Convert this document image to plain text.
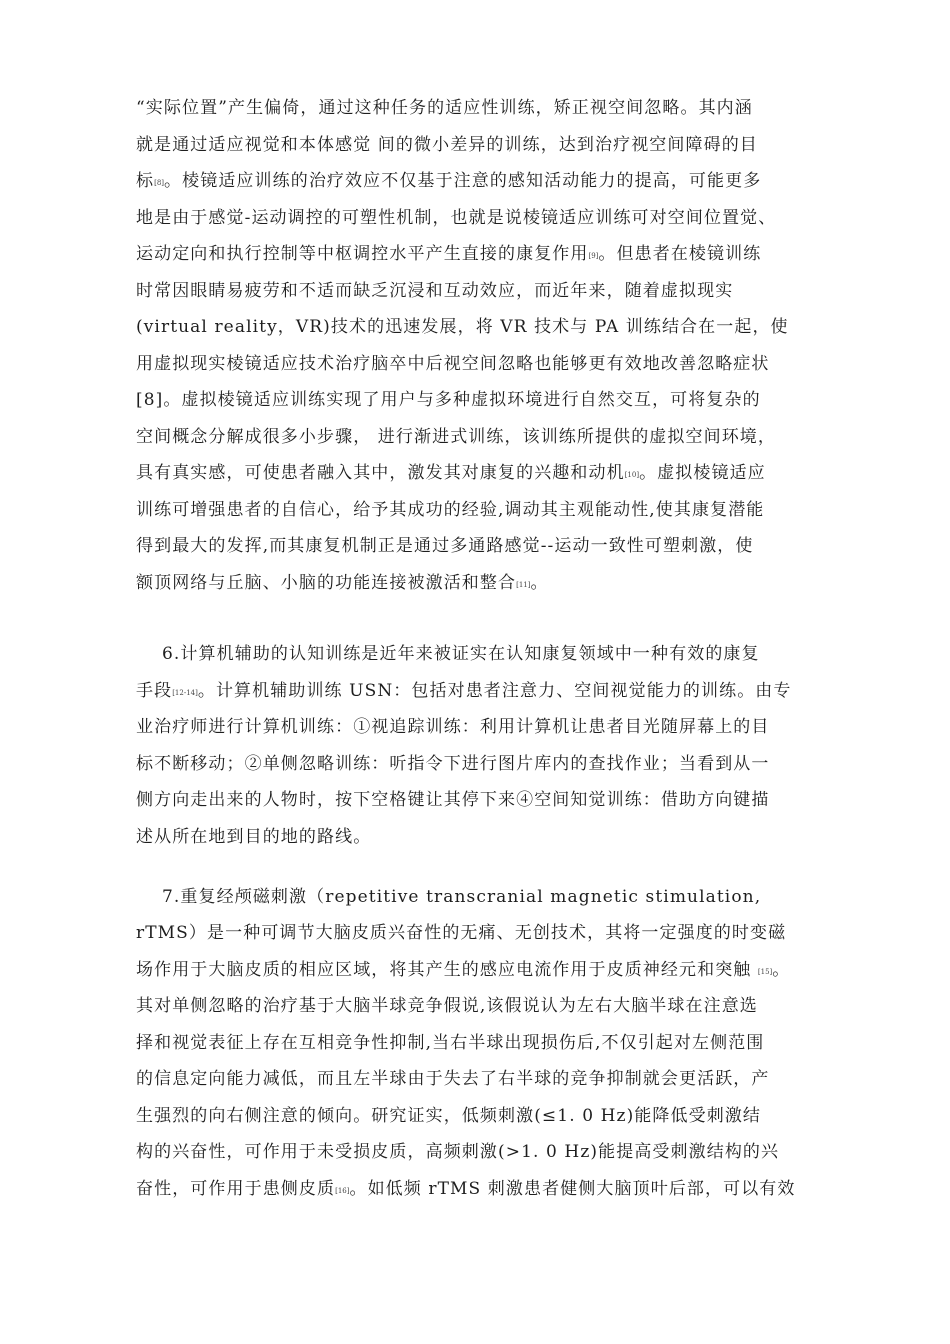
“实际位置”产生偏倚，通过这种任务的适应性训练，矫正视空间忽略。其内涵
就是通过适应视觉和本体感觉 间的微小差异的训练，达到治疗视空间障碍的目
标[8]。棱镜适应训练的治疗效应不仅基于注意的感知活动能力的提高，可能更多
地是由于感觉-运动调控的可塑性机制，也就是说棱镜适应训练可对空间位置觉、
运动定向和执行控制等中枢调控水平产生直接的康复作用[9]。但患者在棱镜训练
时常因眼睛易疲劳和不适而缺乏沉浸和互动效应，而近年来，随着虚拟现实
(virtual reality，VR)技术的迅速发展，将 VR 技术与 PA 训练结合在一起，使
用虚拟现实棱镜适应技术治疗脑卒中后视空间忽略也能够更有效地改善忽略症状
[8]。虚拟棱镜适应训练实现了用户与多种虚拟环境进行自然交互，可将复杂的
空间概念分解成很多小步骤， 进行渐进式训练，该训练所提供的虚拟空间环境，
具有真实感，可使患者融入其中，激发其对康复的兴趣和动机[10]。虚拟棱镜适应
训练可增强患者的自信心，给予其成功的经验,调动其主观能动性,使其康复潜能
得到最大的发挥,而其康复机制正是通过多通路感觉--运动一致性可塑刺激，使
额顶网络与丘脑、小脑的功能连接被激活和整合[11]。
6.计算机辅助的认知训练是近年来被证实在认知康复领域中一种有效的康复
手段[12-14]。计算机辅助训练 USN：包括对患者注意力、空间视觉能力的训练。由专
业治疗师进行计算机训练：①视追踪训练：利用计算机让患者目光随屏幕上的目
标不断移动；②单侧忽略训练：听指令下进行图片库内的查找作业；当看到从一
侧方向走出来的人物时，按下空格键让其停下来④空间知觉训练：借助方向键描
述从所在地到目的地的路线。
7.重复经颅磁刺激（repetitive transcranial magnetic stimulation,
rTMS）是一种可调节大脑皮质兴奋性的无痛、无创技术，其将一定强度的时变磁
场作用于大脑皮质的相应区域，将其产生的感应电流作用于皮质神经元和突触 [15]。
其对单侧忽略的治疗基于大脑半球竞争假说,该假说认为左右大脑半球在注意选
择和视觉表征上存在互相竞争性抑制,当右半球出现损伤后,不仅引起对左侧范围
的信息定向能力减低，而且左半球由于失去了右半球的竞争抑制就会更活跃，产
生强烈的向右侧注意的倾向。研究证实，低频刺激(≤1. 0 Hz)能降低受刺激结
构的兴奋性，可作用于未受损皮质，高频刺激(>1. 0 Hz)能提高受刺激结构的兴
奋性，可作用于患侧皮质[16]。如低频 rTMS 刺激患者健侧大脑顶叶后部，可以有效
